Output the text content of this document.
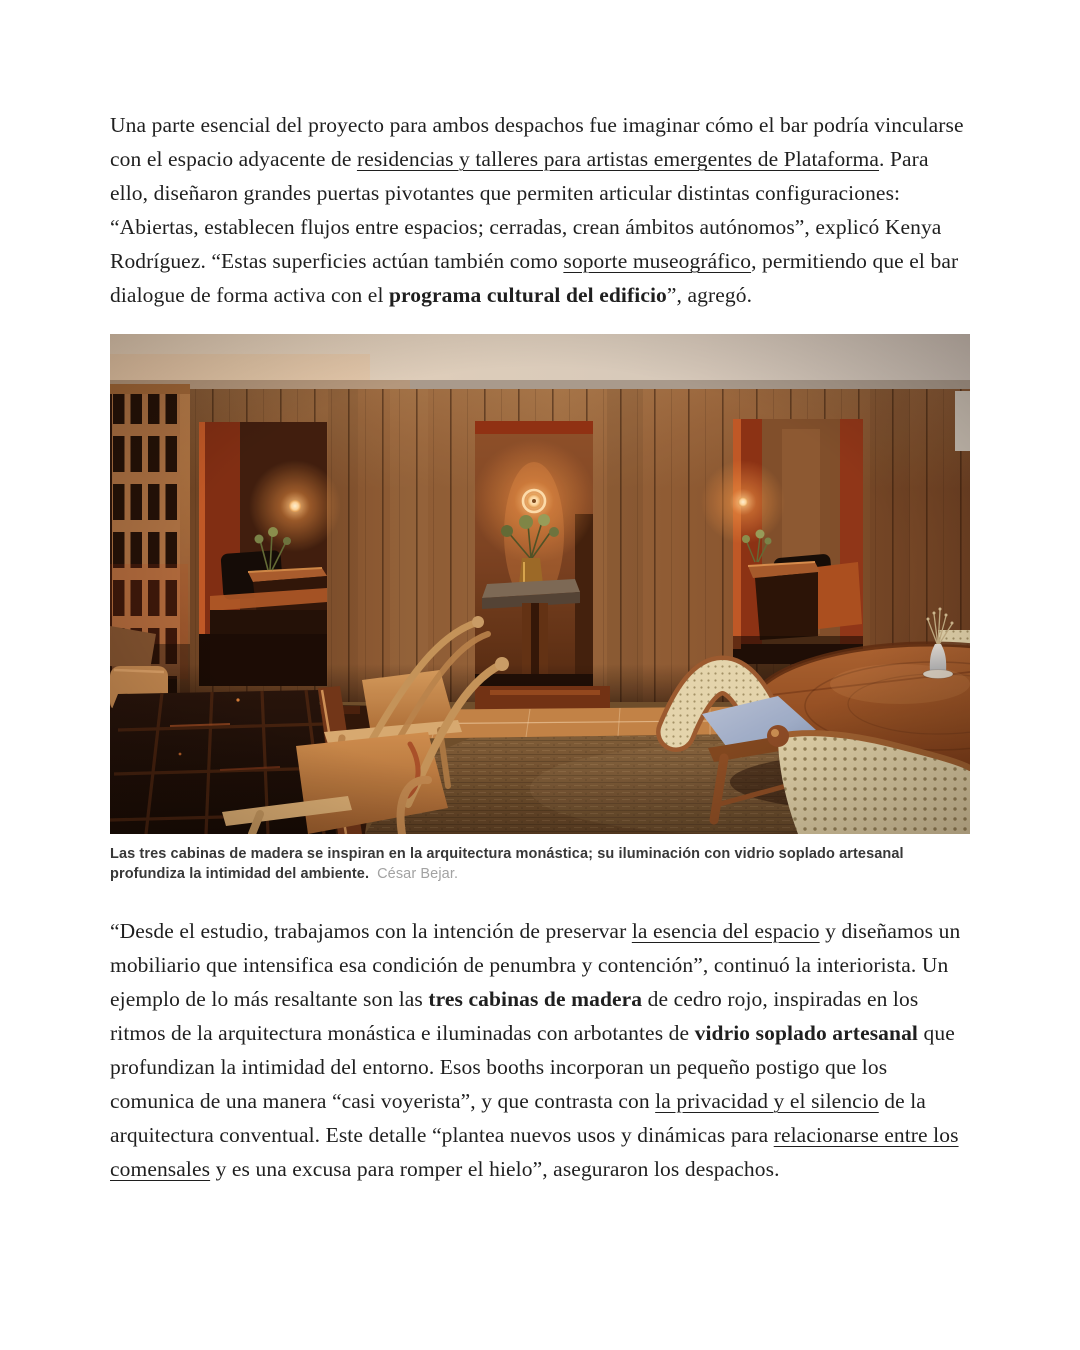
Una parte esencial del proyecto para ambos despachos fue imaginar cómo el bar podría vincularse con el espacio adyacente de residencias y talleres para artistas emergentes de Plataforma. Para ello, diseñaron grandes puertas pivotantes que permiten articular distintas configuraciones: “Abiertas, establecen flujos entre espacios; cerradas, crean ámbitos autónomos”, explicó Kenya Rodríguez. “Estas superficies actúan también como soporte museográfico, permitiendo que el bar dialogue de forma activa con el programa cultural del edificio”, agregó.

Las tres cabinas de madera se inspiran en la arquitectura monástica; su iluminación con vidrio soplado artesanal profundiza la intimidad del ambiente. César Bejar.

“Desde el estudio, trabajamos con la intención de preservar la esencia del espacio y diseñamos un mobiliario que intensifica esa condición de penumbra y contención”, continuó la interiorista. Un ejemplo de lo más resaltante son las tres cabinas de madera de cedro rojo, inspiradas en los ritmos de la arquitectura monástica e iluminadas con arbotantes de vidrio soplado artesanal que profundizan la intimidad del entorno. Esos booths incorporan un pequeño postigo que los comunica de una manera “casi voyerista”, y que contrasta con la privacidad y el silencio de la arquitectura conventual. Este detalle “plantea nuevos usos y dinámicas para relacionarse entre los comensales y es una excusa para romper el hielo”, aseguraron los despachos.
